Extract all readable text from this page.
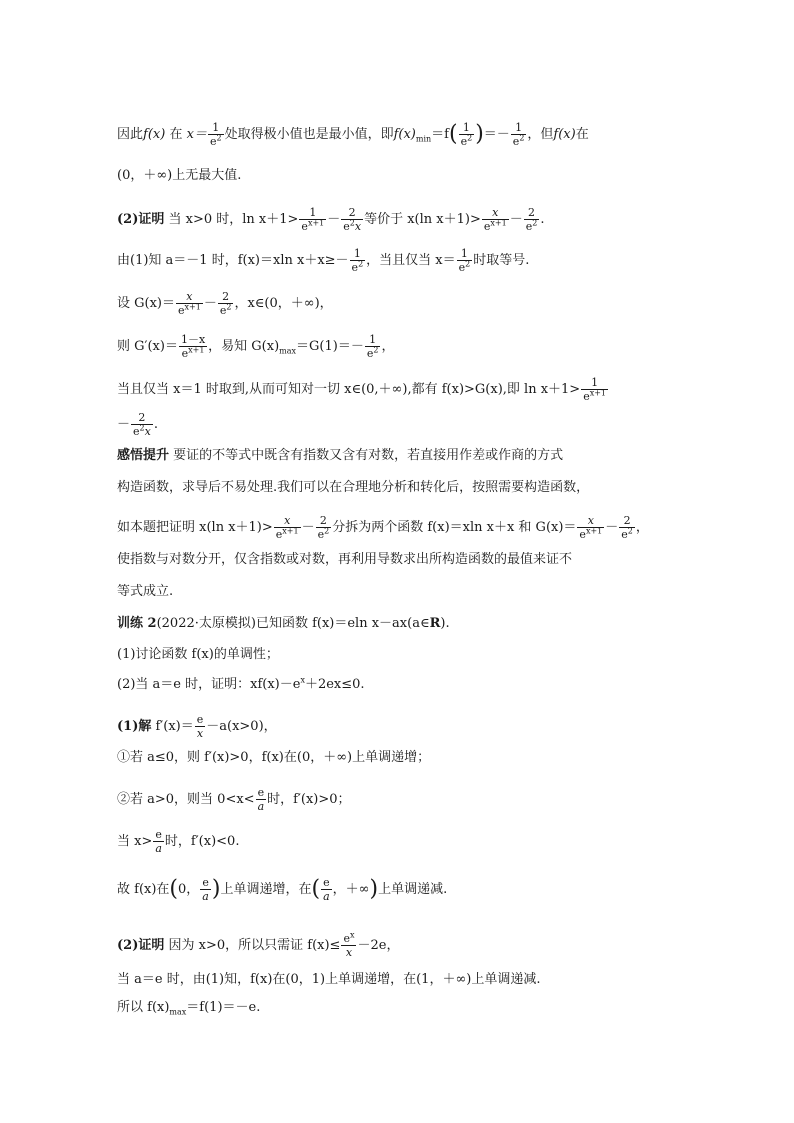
因此f(x) 在 $x= \frac{1}{e^2}$ 处取得极小值也是最小值，即$f(x)_{min}=f( \frac{1}{e^2}$ )＝－ $\frac{1}{e^2}$ ，但f(x)在
(0，＋∞)上无最大值.
(2)证明 当 x>0 时，$\ln x+1> \frac{1}{e^{x+1}} - \frac{2}{e^2x}$ 等价于 x(ln $x+1)> \frac{x}{e^{x+1}} - \frac{2}{e^2}$ .
由(1)知 a＝－1 时，f(x)＝xln $x+x\ge- \frac{1}{e^2}$ ，当且仅当 $x= \frac{1}{e^2}$ 时取等号.
设 $G(x)= \frac{x}{e^{x+1}} - \frac{2}{e^2}$ ，x∈(0，＋∞)，
则 $G'(x)= \frac{1-x}{e^{x+1}}$ ，易知 $G(x)_{max}=G(1)=- \frac{1}{e^2}$ ，
当且仅当 x＝1 时取到,从而可知对一切 x∈(0,＋∞),都有 f(x)>G(x),即 $\ln x+1> \frac{1}{e^{x+1}}$
－ $\frac{2}{e^2x}$ .
感悟提升 要证的不等式中既含有指数又含有对数，若直接用作差或作商的方式
构造函数，求导后不易处理.我们可以在合理地分析和转化后，按照需要构造函数，
如本题把证明 x(ln $x+1)> \frac{x}{e^{x+1}} - \frac{2}{e^2}$ 分拆为两个函数 f(x)＝xln x＋x 和 $G(x)= \frac{x}{e^{x+1}} - \frac{2}{e^2}$ ，
使指数与对数分开，仅含指数或对数，再利用导数求出所构造函数的最值来证不
等式成立.
训练 2(2022·太原模拟)已知函数 f(x)＝eln x－ax(a∈R).
(1)讨论函数 f(x)的单调性；
(2)当 a＝e 时，证明：$xf(x)-e^x+2ex\le 0$.
(1)解 $f'(x)= \frac{e}{x} -a(x>0)$，
①若 a≤0，则 f′(x)>0，f(x)在(0，＋∞)上单调递增；
②若 a>0，则当 $0<x< \frac{e}{a}$ 时，f′(x)>0；
当 $x> \frac{e}{a}$ 时，f′(x)<0.
故 f(x)在(0， $\frac{e}{a}$ )上单调递增，在( $\frac{e}{a}$ ，＋∞)上单调递减.
(2)证明 因为 x>0，所以只需证 $f(x)\le \frac{e^x}{x} -2e$，
当 a＝e 时，由(1)知，f(x)在(0，1)上单调递增，在(1，＋∞)上单调递减.
所以 $f(x)_{max}=f(1)=-e$.
